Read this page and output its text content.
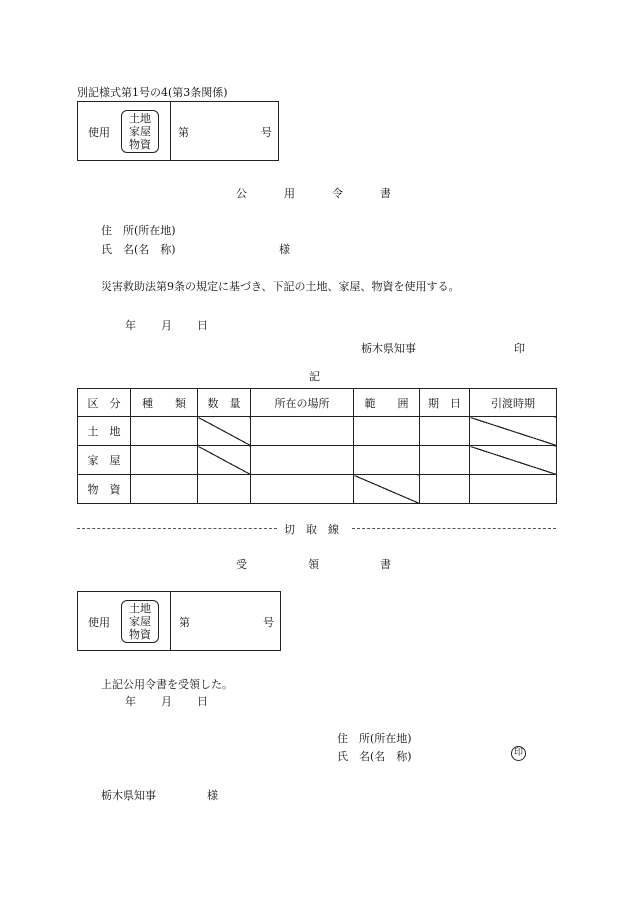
別記様式第1号の4(第3条関係)
使用
土地
家屋
物資
第	号
公	用	令	書
住　所(所在地)
氏　名(名　称)	様
災害救助法第9条の規定に基づき、下記の土地、家屋、物資を使用する。
年 月 日
栃木県知事	印
記
区　分	種　　類	数　量	所在の場所	範　　囲	期　日	引渡時期
土　地						
家　屋						
物　資						
切　取　線
受	領	書
使用
土地
家屋
物資
第	号
上記公用令書を受領した。
年 月 日
住　所(所在地)
氏　名(名　称)	印
栃木県知事	様
